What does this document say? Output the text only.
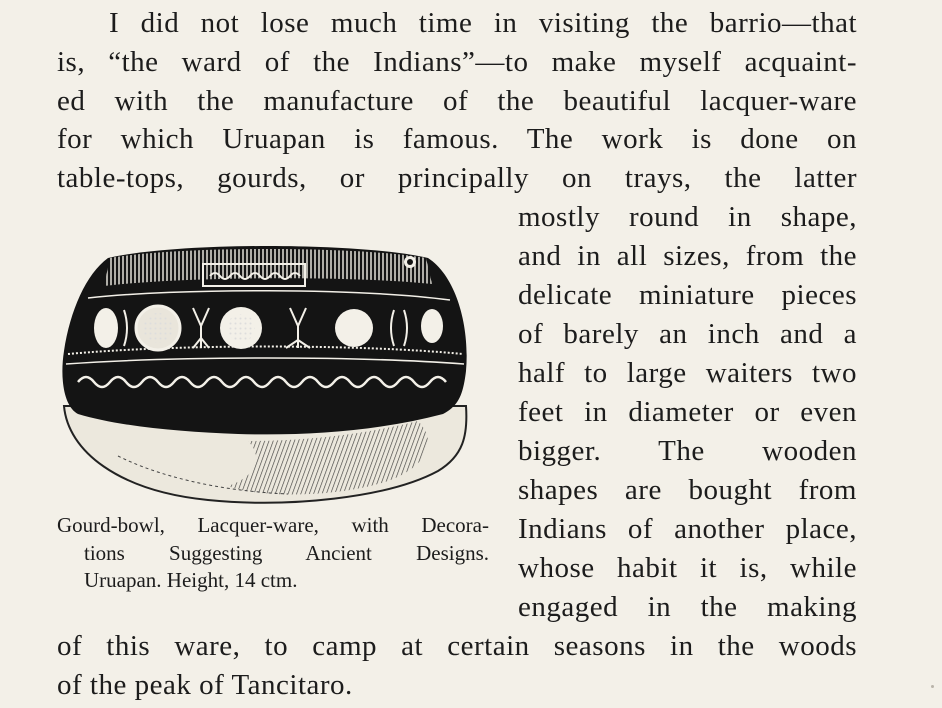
I did not lose much time in visiting the barrio—that
is, “the ward of the Indians”—to make myself acquaint-
ed with the manufacture of the beautiful lacquer-ware
for which Uruapan is famous. The work is done on
table-tops, gourds, or principally on trays, the latter
mostly round in shape,
and in all sizes, from the
delicate miniature pieces
of barely an inch and a
half to large waiters two
feet in diameter or even
bigger. The wooden
shapes are bought from
Indians of another place,
whose habit it is, while
engaged in the making
of this ware, to camp at certain seasons in the woods
of the peak of Tancitaro.
Gourd-bowl, Lacquer-ware, with Decora-
tions Suggesting Ancient Designs.
Uruapan. Height, 14 ctm.
